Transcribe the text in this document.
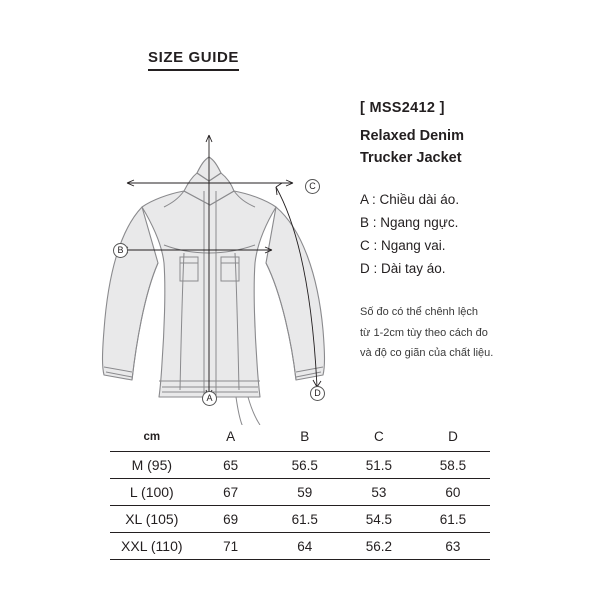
SIZE GUIDE
C
B
A	D
[ MSS2412 ]
Relaxed Denim
Trucker Jacket
A : Chiều dài áo.
B : Ngang ngực.
C : Ngang vai.
D : Dài tay áo.
Số đo có thể chênh lệch
từ 1-2cm tùy theo cách đo
và độ co giãn của chất liệu.
cm	A	B	C	D
M (95)	65	56.5	51.5	58.5
L (100)	67	59	53	60
XL (105)	69	61.5	54.5	61.5
XXL (110)	71	64	56.2	63
